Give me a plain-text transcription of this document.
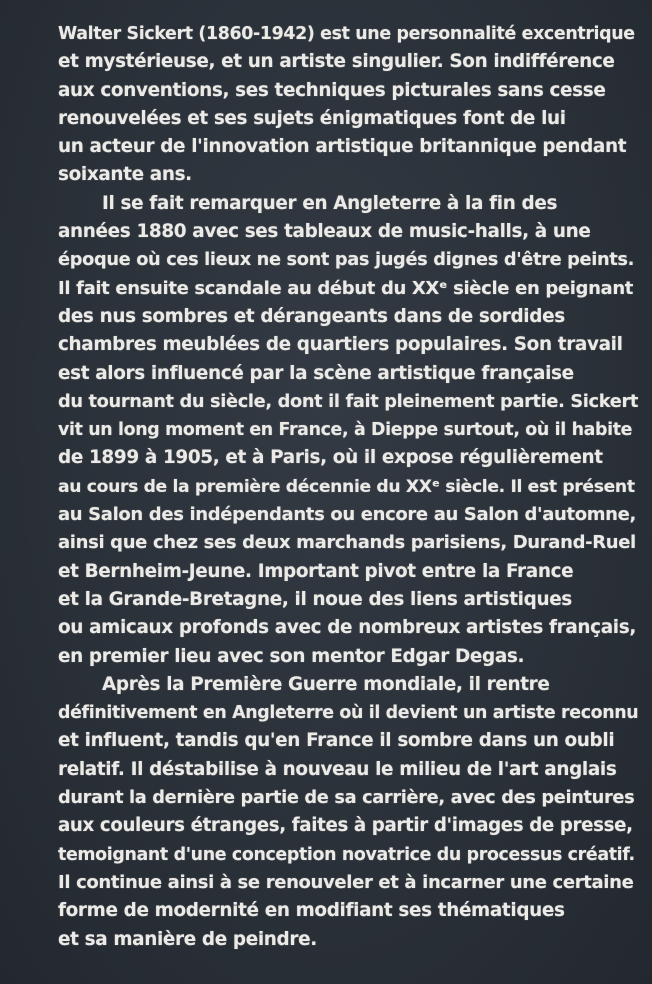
Walter Sickert (1860-1942) est une personnalité excentrique
et mystérieuse, et un artiste singulier. Son indifférence
aux conventions, ses techniques picturales sans cesse
renouvelées et ses sujets énigmatiques font de lui
un acteur de l'innovation artistique britannique pendant
soixante ans.
Il se fait remarquer en Angleterre à la fin des
années 1880 avec ses tableaux de music-halls, à une
époque où ces lieux ne sont pas jugés dignes d'être peints.
Il fait ensuite scandale au début du XXᵉ siècle en peignant
des nus sombres et dérangeants dans de sordides
chambres meublées de quartiers populaires. Son travail
est alors influencé par la scène artistique française
du tournant du siècle, dont il fait pleinement partie. Sickert
vit un long moment en France, à Dieppe surtout, où il habite
de 1899 à 1905, et à Paris, où il expose régulièrement
au cours de la première décennie du XXᵉ siècle. Il est présent
au Salon des indépendants ou encore au Salon d'automne,
ainsi que chez ses deux marchands parisiens, Durand-Ruel
et Bernheim-Jeune. Important pivot entre la France
et la Grande-Bretagne, il noue des liens artistiques
ou amicaux profonds avec de nombreux artistes français,
en premier lieu avec son mentor Edgar Degas.
Après la Première Guerre mondiale, il rentre
définitivement en Angleterre où il devient un artiste reconnu
et influent, tandis qu'en France il sombre dans un oubli
relatif. Il déstabilise à nouveau le milieu de l'art anglais
durant la dernière partie de sa carrière, avec des peintures
aux couleurs étranges, faites à partir d'images de presse,
temoignant d'une conception novatrice du processus créatif.
Il continue ainsi à se renouveler et à incarner une certaine
forme de modernité en modifiant ses thématiques
et sa manière de peindre.
